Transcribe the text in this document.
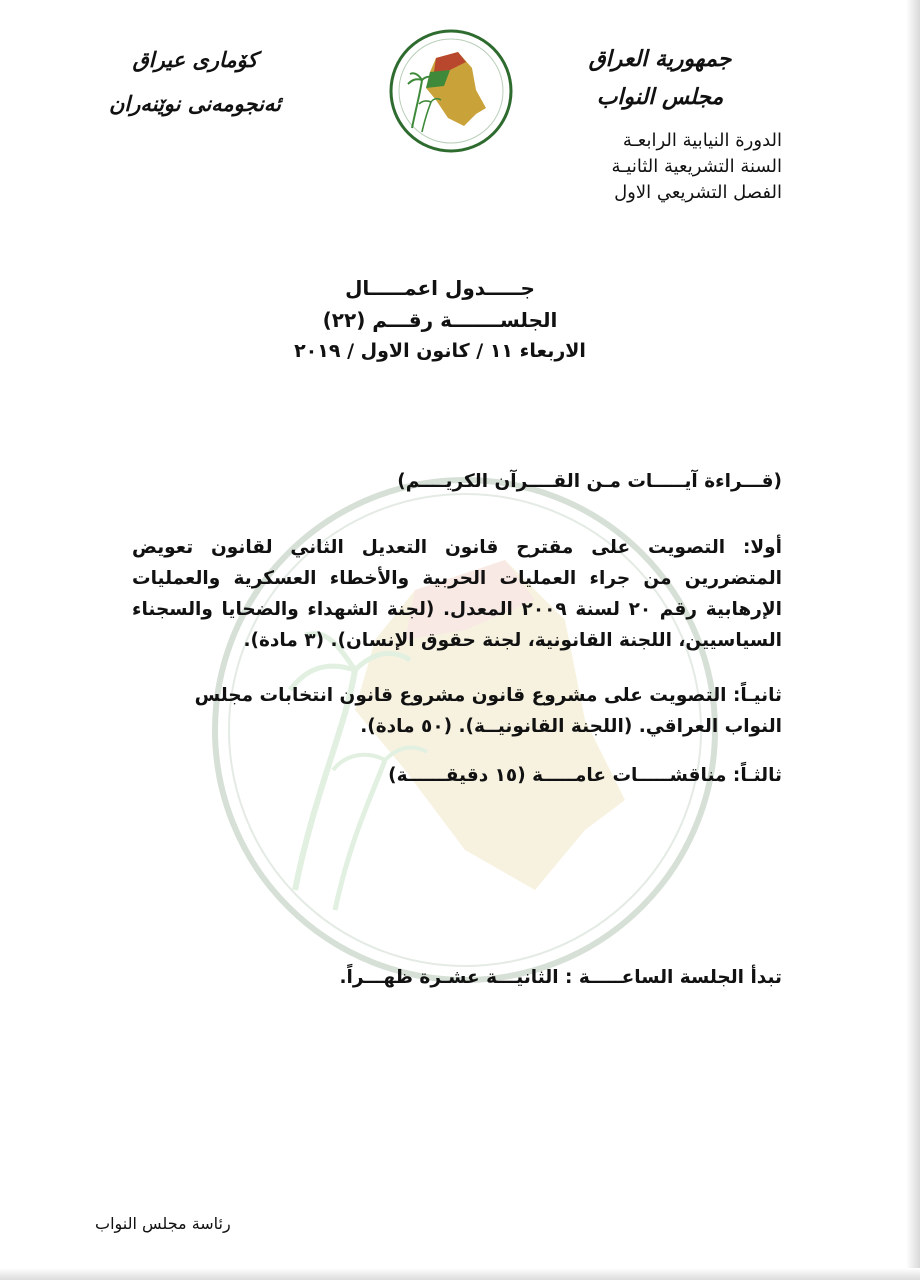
جمهورية العراق
مجلس النواب
الدورة النيابية الرابعـة
السنة التشريعية الثانيـة
الفصل التشريعي الاول
كۆماری عیراق
ئەنجومەنی نوێنەران
جـــــدول اعمـــــال
الجلســـــــة رقـــم (٢٢)
الاربعاء ١١ / كانون الاول / ٢٠١٩

(قـــراءة آيـــــات مـن القــــرآن الكريــــم)

أولا: التصويت على مقترح قانون التعديل الثاني لقانون تعويض المتضررين من جراء العمليات الحربية والأخطاء العسكرية والعمليات الإرهابية رقم ٢٠ لسنة ٢٠٠٩ المعدل. (لجنة الشهداء والضحايا والسجناء السياسيين، اللجنة القانونية، لجنة حقوق الإنسان). (٣ مادة).

ثانيـاً: التصويت على مشروع قانون مشروع قانون انتخابات مجلس النواب العراقي. (اللجنة القانونيــة). (٥٠ مادة).

ثالثـاً: مناقشـــــات عامـــــة (١٥ دقيقــــــة)

تبدأ الجلسة الساعـــــة : الثانيـــة عشـرة ظهـــراً.

رئاسة مجلس النواب
